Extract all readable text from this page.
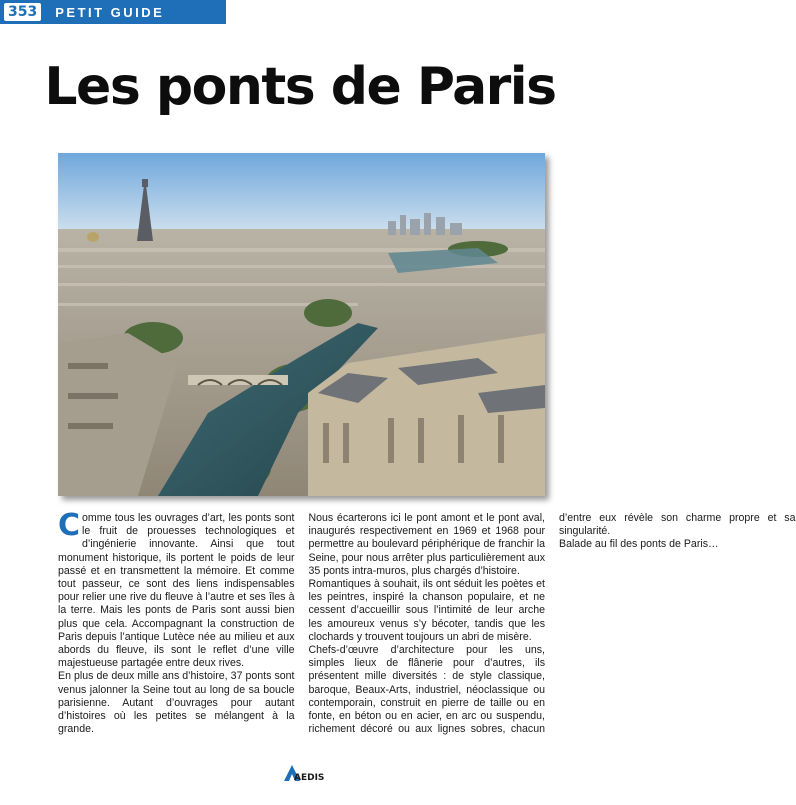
353	PETIT GUIDE
Les ponts de Paris

Comme tous les ouvrages d’art, les ponts sont le fruit de prouesses technologiques et d’ingénierie innovante. Ainsi que tout monument historique, ils portent le poids de leur passé et en transmettent la mémoire. Et comme tout passeur, ce sont des liens indispensables pour relier une rive du fleuve à l’autre et ses îles à la terre. Mais les ponts de Paris sont aussi bien plus que cela. Accompagnant la construction de Paris depuis l’antique Lutèce née au milieu et aux abords du fleuve, ils sont le reflet d’une ville majestueuse partagée entre deux rives.

En plus de deux mille ans d’histoire, 37 ponts sont venus jalonner la Seine tout au long de sa boucle parisienne. Autant d’ouvrages pour autant d’histoires où les petites se mélangent à la grande.

Nous écarterons ici le pont amont et le pont aval, inaugurés respectivement en 1969 et 1968 pour permettre au boulevard périphérique de franchir la Seine, pour nous arrêter plus particulièrement aux 35 ponts intra-muros, plus chargés d’histoire.

Romantiques à souhait, ils ont séduit les poètes et les peintres, inspiré la chanson populaire, et ne cessent d’accueillir sous l’intimité de leur arche les amoureux venus s’y bécoter, tandis que les clochards y trouvent toujours un abri de misère.

Chefs-d’œuvre d’architecture pour les uns, simples lieux de flânerie pour d’autres, ils présentent mille diversités : de style classique, baroque, Beaux-Arts, industriel, néoclassique ou contemporain, construit en pierre de taille ou en fonte, en béton ou en acier, en arc ou suspendu, richement décoré ou aux lignes sobres, chacun d’entre eux révèle son charme propre et sa singularité.

Balade au fil des ponts de Paris…

AEDIS
